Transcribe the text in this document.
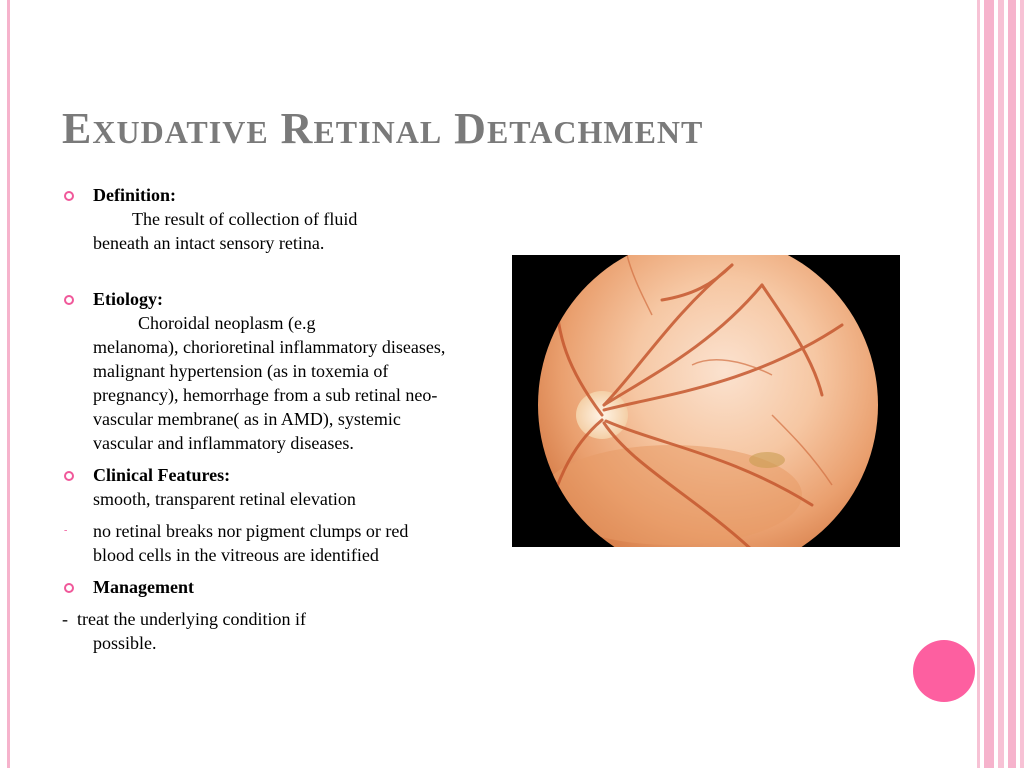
EXUDATIVE RETINAL DETACHMENT
Definition:
The result of collection of fluid
beneath an intact sensory retina.
Etiology:
Choroidal neoplasm (e.g
melanoma), chorioretinal inflammatory diseases, malignant hypertension (as in toxemia of pregnancy), hemorrhage from a sub retinal neo-vascular membrane( as in AMD), systemic vascular and inflammatory diseases.
Clinical Features:
smooth, transparent retinal elevation
- no retinal breaks nor pigment clumps or red blood cells in the vitreous are identified
Management
- treat the underlying condition if
possible.
